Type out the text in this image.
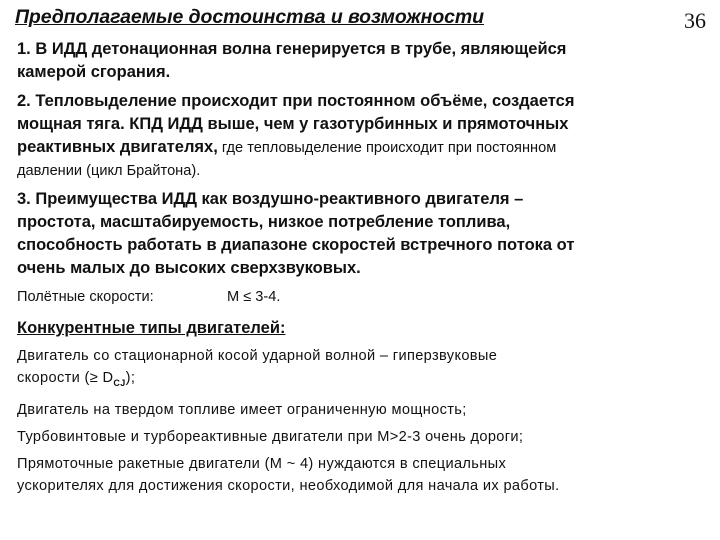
Предполагаемые достоинства и возможности	36
1. В ИДД детонационная волна генерируется в трубе, являющейся
камерой сгорания.
2. Тепловыделение происходит при постоянном объёме, создается
мощная тяга. КПД ИДД выше, чем у газотурбинных и прямоточных
реактивных двигателях, где тепловыделение происходит при постоянном
давлении (цикл Брайтона).
3. Преимущества ИДД как воздушно-реактивного двигателя –
простота, масштабируемость, низкое потребление топлива,
способность работать в диапазоне скоростей встречного потока от
очень малых до высоких сверхзвуковых.
Полётные скорости:	М ≤ 3-4.
Конкурентные типы двигателей:
Двигатель со стационарной косой ударной волной – гиперзвуковые
скорости (≥ $D_{CJ}$);
Двигатель на твердом топливе имеет ограниченную мощность;
Турбовинтовые и турбореактивные двигатели при М>2-3 очень дороги;
Прямоточные ракетные двигатели (М ~ 4) нуждаются в специальных
ускорителях для достижения скорости, необходимой для начала их работы.
